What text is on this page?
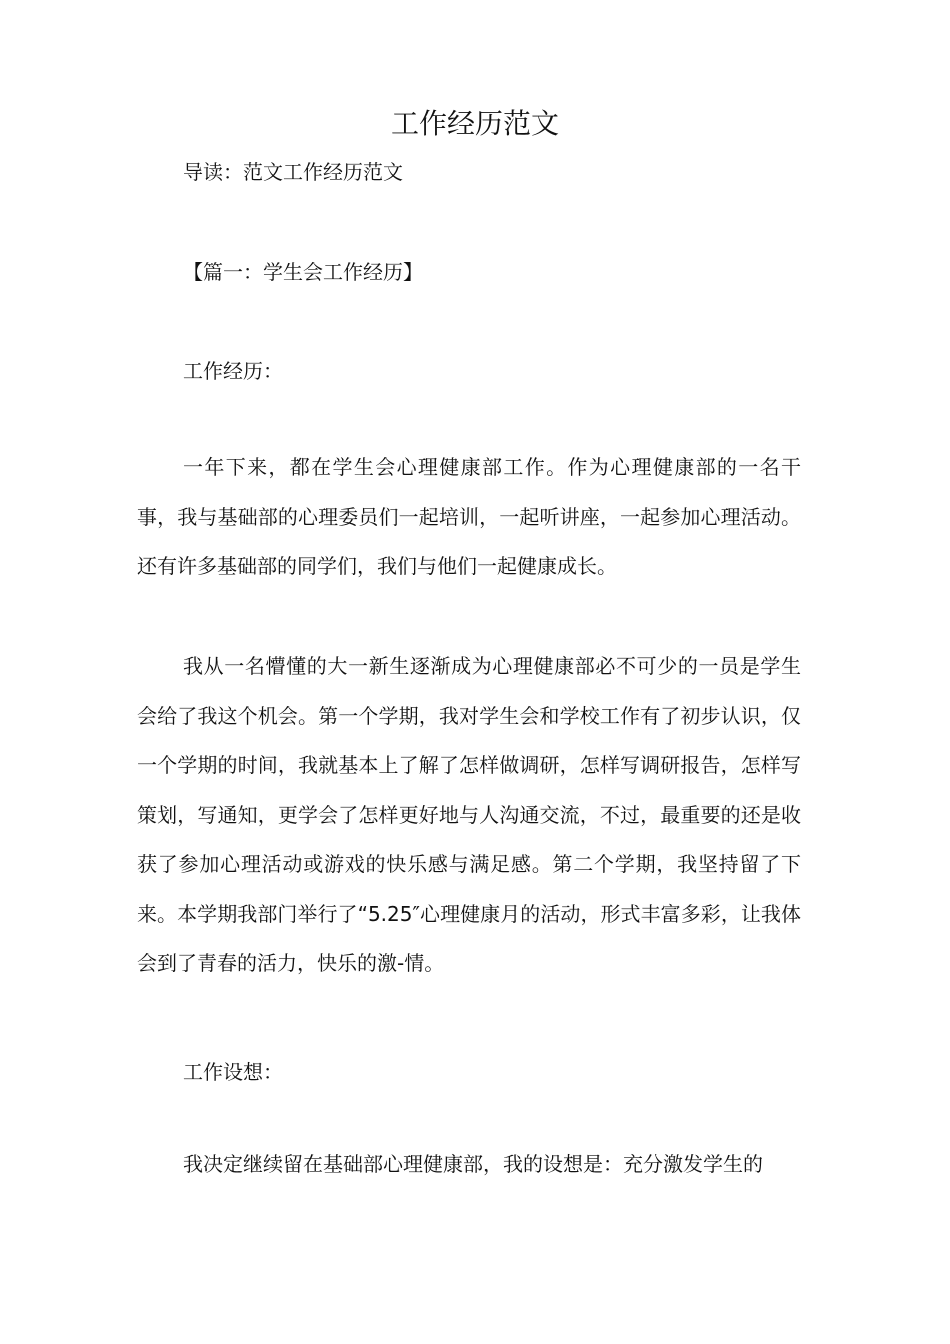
工作经历范文

导读：范文工作经历范文

【篇一：学生会工作经历】

工作经历：

一年下来，都在学生会心理健康部工作。作为心理健康部的一名干事，我与基础部的心理委员们一起培训，一起听讲座，一起参加心理活动。还有许多基础部的同学们，我们与他们一起健康成长。

我从一名懵懂的大一新生逐渐成为心理健康部必不可少的一员是学生会给了我这个机会。第一个学期，我对学生会和学校工作有了初步认识，仅一个学期的时间，我就基本上了解了怎样做调研，怎样写调研报告，怎样写策划，写通知，更学会了怎样更好地与人沟通交流，不过，最重要的还是收获了参加心理活动或游戏的快乐感与满足感。第二个学期，我坚持留了下来。本学期我部门举行了“5.25″心理健康月的活动，形式丰富多彩，让我体会到了青春的活力，快乐的激-情。

工作设想：

我决定继续留在基础部心理健康部，我的设想是：充分激发学生的
